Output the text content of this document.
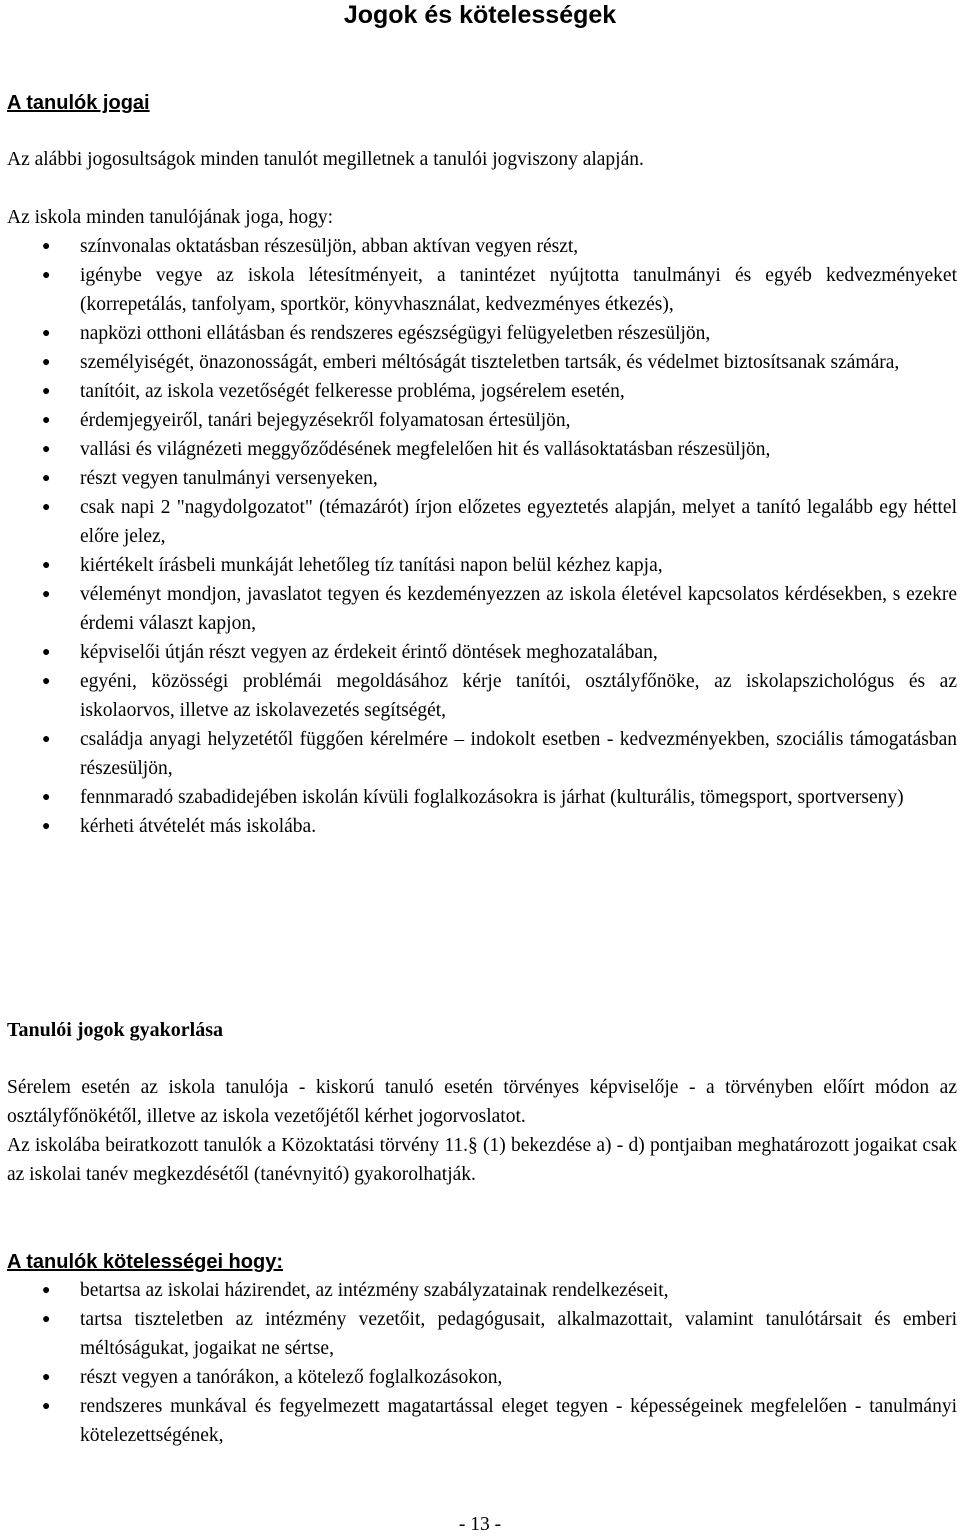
Jogok és kötelességek
A tanulók jogai

Az alábbi jogosultságok minden tanulót megilletnek a tanulói jogviszony alapján.

Az iskola minden tanulójának joga, hogy:

● színvonalas oktatásban részesüljön, abban aktívan vegyen részt,
● igénybe vegye az iskola létesítményeit, a tanintézet nyújtotta tanulmányi és egyéb kedvezményeket (korrepetálás, tanfolyam, sportkör, könyvhasználat, kedvezményes étkezés),
● napközi otthoni ellátásban és rendszeres egészségügyi felügyeletben részesüljön,
● személyiségét, önazonosságát, emberi méltóságát tiszteletben tartsák, és védelmet biztosítsanak számára,
● tanítóit, az iskola vezetőségét felkeresse probléma, jogsérelem esetén,
● érdemjegyeiről, tanári bejegyzésekről folyamatosan értesüljön,
● vallási és világnézeti meggyőződésének megfelelően hit és vallásoktatásban részesüljön,
● részt vegyen tanulmányi versenyeken,
● csak napi 2 "nagydolgozatot" (témazárót) írjon előzetes egyeztetés alapján, melyet a tanító legalább egy héttel előre jelez,
● kiértékelt írásbeli munkáját lehetőleg tíz tanítási napon belül kézhez kapja,
● véleményt mondjon, javaslatot tegyen és kezdeményezzen az iskola életével kapcsolatos kérdésekben, s ezekre érdemi választ kapjon,
● képviselői útján részt vegyen az érdekeit érintő döntések meghozatalában,
● egyéni, közösségi problémái megoldásához kérje tanítói, osztályfőnöke, az iskolapszichológus és az iskolaorvos, illetve az iskolavezetés segítségét,
● családja anyagi helyzetétől függően kérelmére – indokolt esetben - kedvezményekben, szociális támogatásban részesüljön,
● fennmaradó szabadidejében iskolán kívüli foglalkozásokra is járhat (kulturális, tömegsport, sportverseny)
● kérheti átvételét más iskolába.
Tanulói jogok gyakorlása

Sérelem esetén az iskola tanulója - kiskorú tanuló esetén törvényes képviselője - a törvényben előírt módon az osztályfőnökétől, illetve az iskola vezetőjétől kérhet jogorvoslatot.

Az iskolába beiratkozott tanulók a Közoktatási törvény 11.§ (1) bekezdése a) - d) pontjaiban meghatározott jogaikat csak az iskolai tanév megkezdésétől (tanévnyitó) gyakorolhatják.

A tanulók kötelességei hogy:
● betartsa az iskolai házirendet, az intézmény szabályzatainak rendelkezéseit,
● tartsa tiszteletben az intézmény vezetőit, pedagógusait, alkalmazottait, valamint tanulótársait és emberi méltóságukat, jogaikat ne sértse,
● részt vegyen a tanórákon, a kötelező foglalkozásokon,
● rendszeres munkával és fegyelmezett magatartással eleget tegyen - képességeinek megfelelően - tanulmányi kötelezettségének,
- 13 -
